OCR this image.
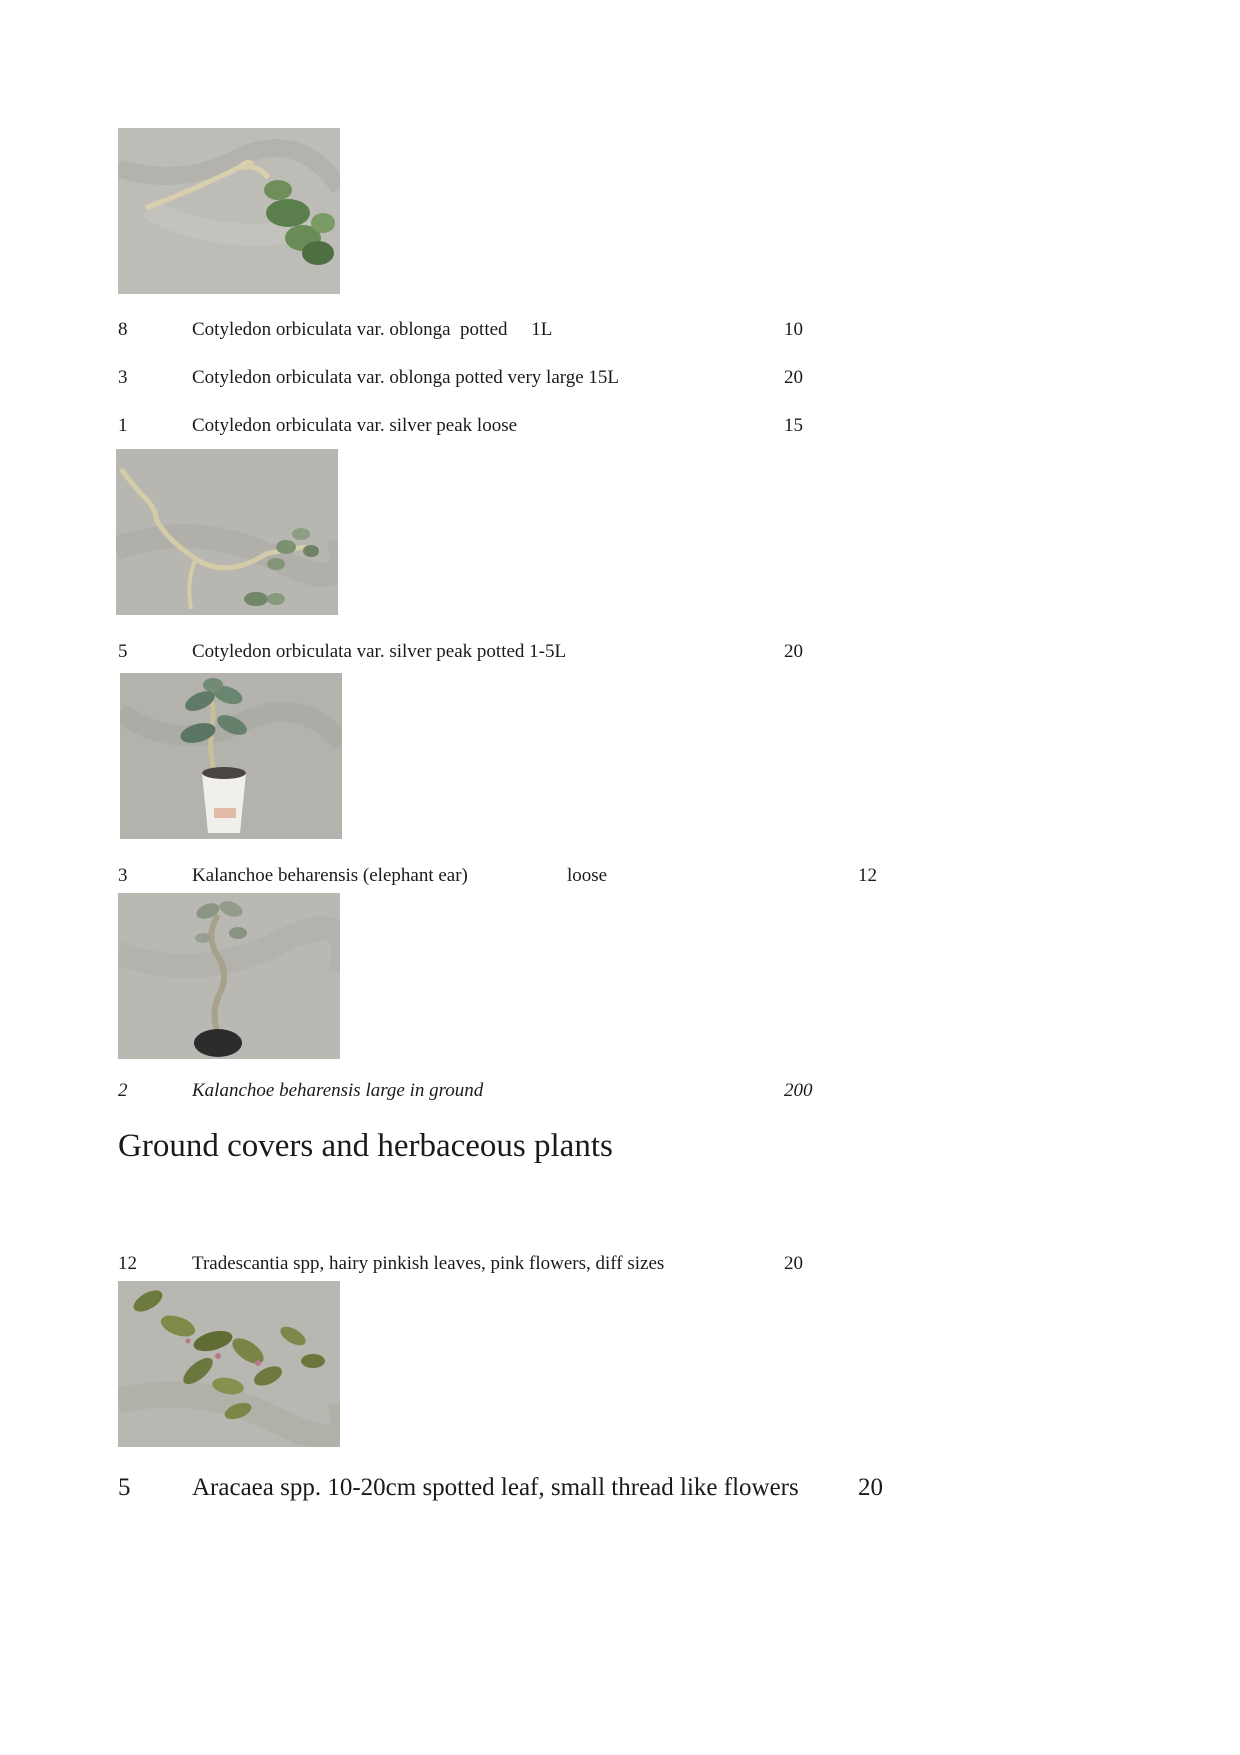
8	Cotyledon orbiculata var. oblonga  potted     1L	10
3	Cotyledon orbiculata var. oblonga potted very large 15L	20
1	Cotyledon orbiculata var. silver peak loose	15
5	Cotyledon orbiculata var. silver peak potted 1-5L	20
3	Kalanchoe beharensis (elephant ear)	loose	12
2	Kalanchoe beharensis large in ground	200
Ground covers and herbaceous plants
12	Tradescantia spp, hairy pinkish leaves, pink flowers, diff sizes	20
5 Aracaea spp. 10-20cm spotted leaf, small thread like flowers 20
